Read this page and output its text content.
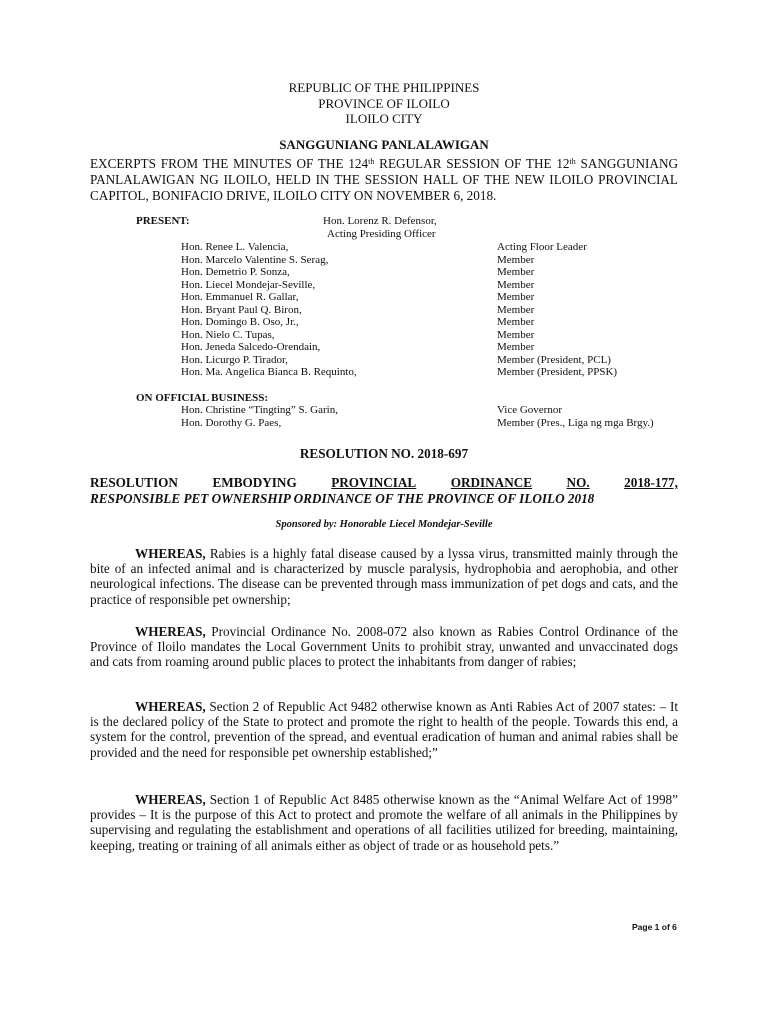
REPUBLIC OF THE PHILIPPINES
PROVINCE OF ILOILO
ILOILO CITY
SANGGUNIANG PANLALAWIGAN
EXCERPTS FROM THE MINUTES OF THE 124th REGULAR SESSION OF THE 12th SANGGUNIANG PANLALAWIGAN NG ILOILO, HELD IN THE SESSION HALL OF THE NEW ILOILO PROVINCIAL CAPITOL, BONIFACIO DRIVE, ILOILO CITY ON NOVEMBER 6, 2018.
PRESENT:	Hon. Lorenz R. Defensor,
Acting Presiding Officer
Hon. Renee L. Valencia,	Acting Floor Leader
Hon. Marcelo Valentine S. Serag,	Member
Hon. Demetrio P. Sonza,	Member
Hon. Liecel Mondejar-Seville,	Member
Hon. Emmanuel R. Gallar,	Member
Hon. Bryant Paul Q. Biron,	Member
Hon. Domingo B. Oso, Jr.,	Member
Hon. Nielo C. Tupas,	Member
Hon. Jeneda Salcedo-Orendain,	Member
Hon. Licurgo P. Tirador,	Member (President, PCL)
Hon. Ma. Angelica Bianca B. Requinto,	Member (President, PPSK)
ON OFFICIAL BUSINESS:
Hon. Christine “Tingting” S. Garin,	Vice Governor
Hon. Dorothy G. Paes,	Member (Pres., Liga ng mga Brgy.)
RESOLUTION NO. 2018-697
RESOLUTION	EMBODYING	PROVINCIAL	ORDINANCE	NO.	2018-177,
RESPONSIBLE PET OWNERSHIP ORDINANCE OF THE PROVINCE OF ILOILO 2018
Sponsored by: Honorable Liecel Mondejar-Seville

WHEREAS, Rabies is a highly fatal disease caused by a lyssa virus, transmitted mainly through the bite of an infected animal and is characterized by muscle paralysis, hydrophobia and aerophobia, and other neurological infections. The disease can be prevented through mass immunization of pet dogs and cats, and the practice of responsible pet ownership;

WHEREAS, Provincial Ordinance No. 2008-072 also known as Rabies Control Ordinance of the Province of Iloilo mandates the Local Government Units to prohibit stray, unwanted and unvaccinated dogs and cats from roaming around public places to protect the inhabitants from danger of rabies;

WHEREAS, Section 2 of Republic Act 9482 otherwise known as Anti Rabies Act of 2007 states: – It is the declared policy of the State to protect and promote the right to health of the people. Towards this end, a system for the control, prevention of the spread, and eventual eradication of human and animal rabies shall be provided and the need for responsible pet ownership established;”

WHEREAS, Section 1 of Republic Act 8485 otherwise known as the “Animal Welfare Act of 1998” provides – It is the purpose of this Act to protect and promote the welfare of all animals in the Philippines by supervising and regulating the establishment and operations of all facilities utilized for breeding, maintaining, keeping, treating or training of all animals either as object of trade or as household pets.”

Page 1 of 6
